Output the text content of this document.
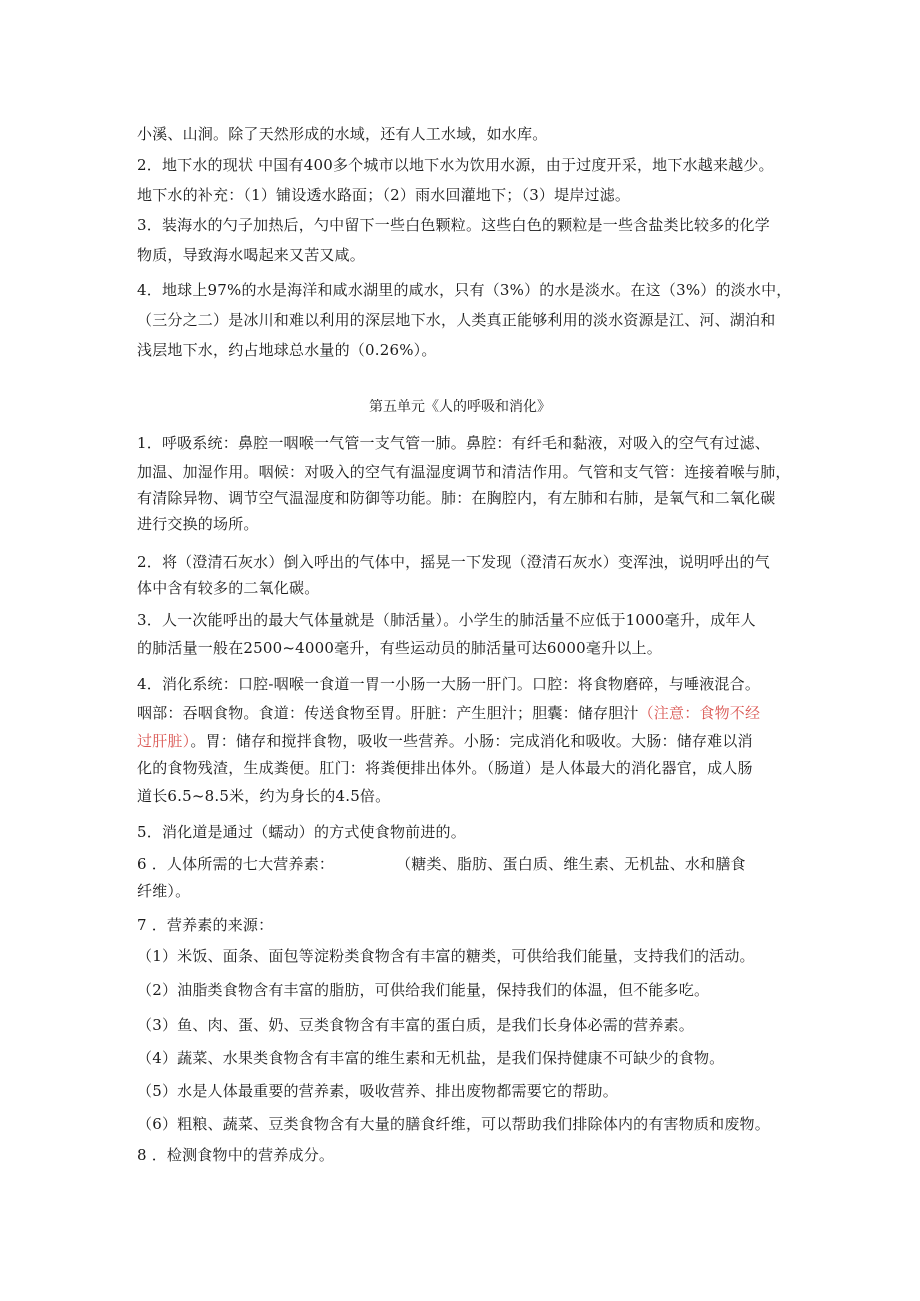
小溪、山涧。除了天然形成的水域，还有人工水域，如水库。
2．地下水的现状 中国有400多个城市以地下水为饮用水源，由于过度开采，地下水越来越少。
地下水的补充：（1）铺设透水路面；（2）雨水回灌地下；（3）堤岸过滤。
3．装海水的勺子加热后，勺中留下一些白色颗粒。这些白色的颗粒是一些含盐类比较多的化学
物质，导致海水喝起来又苦又咸。
4．地球上97%的水是海洋和咸水湖里的咸水，只有（3%）的水是淡水。在这（3%）的淡水中，
（三分之二）是冰川和难以利用的深层地下水，人类真正能够利用的淡水资源是江、河、湖泊和
浅层地下水，约占地球总水量的（0.26%）。
第五单元《人的呼吸和消化》
1．呼吸系统：鼻腔一咽喉一气管一支气管一肺。鼻腔：有纤毛和黏液，对吸入的空气有过滤、
加温、加湿作用。咽候：对吸入的空气有温湿度调节和清洁作用。气管和支气管：连接着喉与肺，
有清除异物、调节空气温湿度和防御等功能。肺：在胸腔内，有左肺和右肺，是氧气和二氧化碳
进行交换的场所。
2．将（澄清石灰水）倒入呼出的气体中，摇晃一下发现（澄清石灰水）变浑浊，说明呼出的气
体中含有较多的二氧化碳。
3．人一次能呼出的最大气体量就是（肺活量）。小学生的肺活量不应低于1000毫升，成年人
的肺活量一般在2500~4000毫升，有些运动员的肺活量可达6000毫升以上。
4．消化系统：口腔-咽喉一食道一胃一小肠一大肠一肝门。口腔：将食物磨碎，与唾液混合。
咽部：吞咽食物。食道：传送食物至胃。肝脏：产生胆汁；胆囊：储存胆汁（注意：食物不经
过肝脏）。胃：储存和搅拌食物，吸收一些营养。小肠：完成消化和吸收。大肠：储存难以消
化的食物残渣，生成粪便。肛门：将粪便排出体外。（肠道）是人体最大的消化器官，成人肠
道长6.5~8.5米，约为身长的4.5倍。
5．消化道是通过（蠕动）的方式使食物前进的。
6 ．人体所需的七大营养素：	（糖类、脂肪、蛋白质、维生素、无机盐、水和膳食
纤维）。
7 ．营养素的来源：
（1）米饭、面条、面包等淀粉类食物含有丰富的糖类，可供给我们能量，支持我们的活动。
（2）油脂类食物含有丰富的脂肪，可供给我们能量，保持我们的体温，但不能多吃。
（3）鱼、肉、蛋、奶、豆类食物含有丰富的蛋白质，是我们长身体必需的营养素。
（4）蔬菜、水果类食物含有丰富的维生素和无机盐，是我们保持健康不可缺少的食物。
（5）水是人体最重要的营养素，吸收营养、排出废物都需要它的帮助。
（6）粗粮、蔬菜、豆类食物含有大量的膳食纤维，可以帮助我们排除体内的有害物质和废物。
8 ．检测食物中的营养成分。
